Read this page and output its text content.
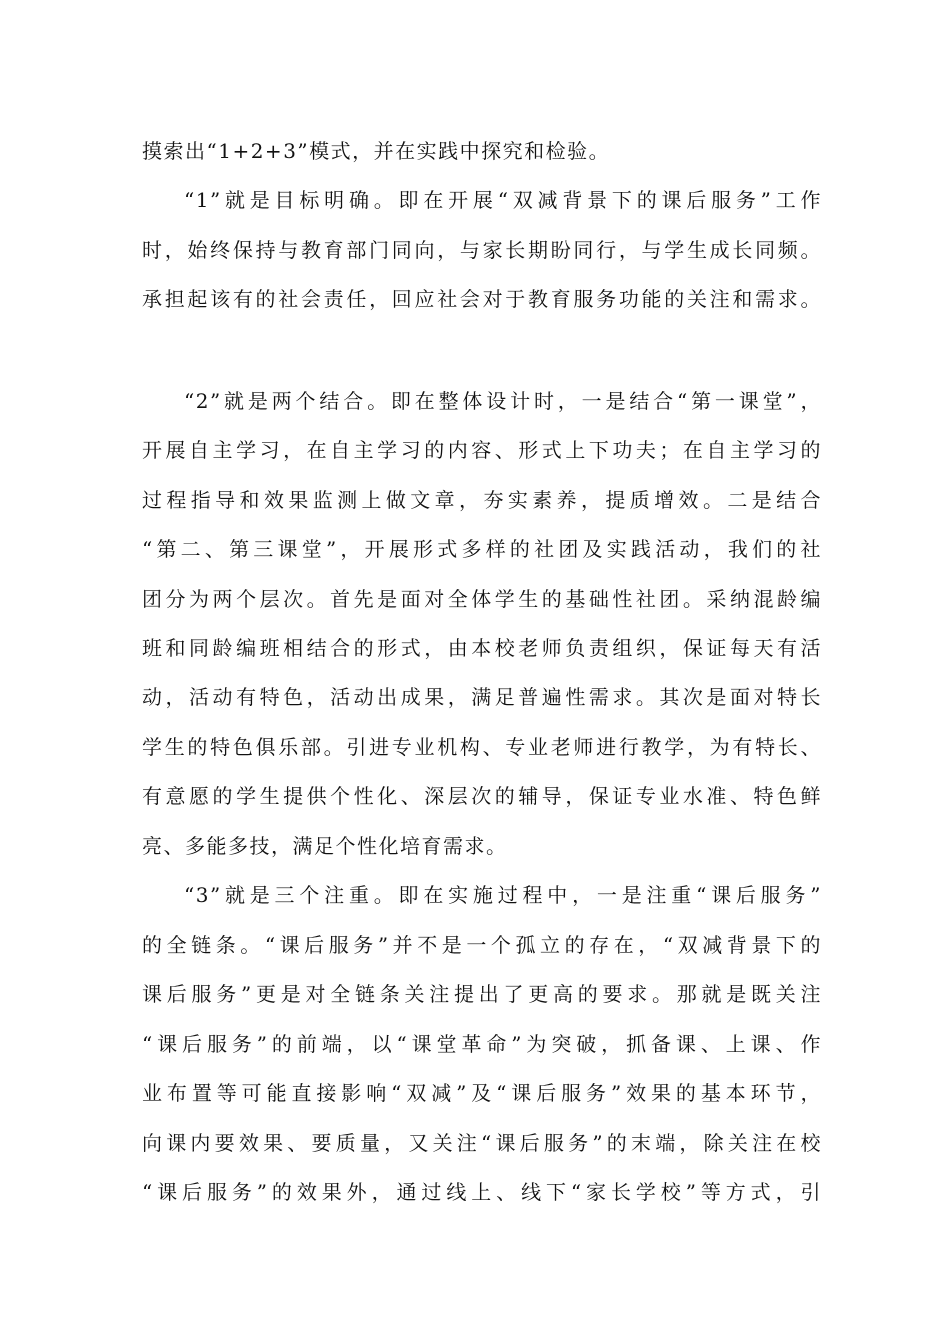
摸索出“1+2+3”模式，并在实践中探究和检验。
“1”就是目标明确。即在开展“双减背景下的课后服务”工作
时，始终保持与教育部门同向，与家长期盼同行，与学生成长同频。
承担起该有的社会责任，回应社会对于教育服务功能的关注和需求。
“2”就是两个结合。即在整体设计时，一是结合“第一课堂”，
开展自主学习，在自主学习的内容、形式上下功夫；在自主学习的
过程指导和效果监测上做文章，夯实素养，提质增效。二是结合
“第二、第三课堂”，开展形式多样的社团及实践活动，我们的社
团分为两个层次。首先是面对全体学生的基础性社团。采纳混龄编
班和同龄编班相结合的形式，由本校老师负责组织，保证每天有活
动，活动有特色，活动出成果，满足普遍性需求。其次是面对特长
学生的特色俱乐部。引进专业机构、专业老师进行教学，为有特长、
有意愿的学生提供个性化、深层次的辅导，保证专业水准、特色鲜
亮、多能多技，满足个性化培育需求。
“3”就是三个注重。即在实施过程中，一是注重“课后服务”
的全链条。“课后服务”并不是一个孤立的存在，“双减背景下的
课后服务”更是对全链条关注提出了更高的要求。那就是既关注
“课后服务”的前端，以“课堂革命”为突破，抓备课、上课、作
业布置等可能直接影响“双减”及“课后服务”效果的基本环节，
向课内要效果、要质量，又关注“课后服务”的末端，除关注在校
“课后服务”的效果外，通过线上、线下“家长学校”等方式，引
